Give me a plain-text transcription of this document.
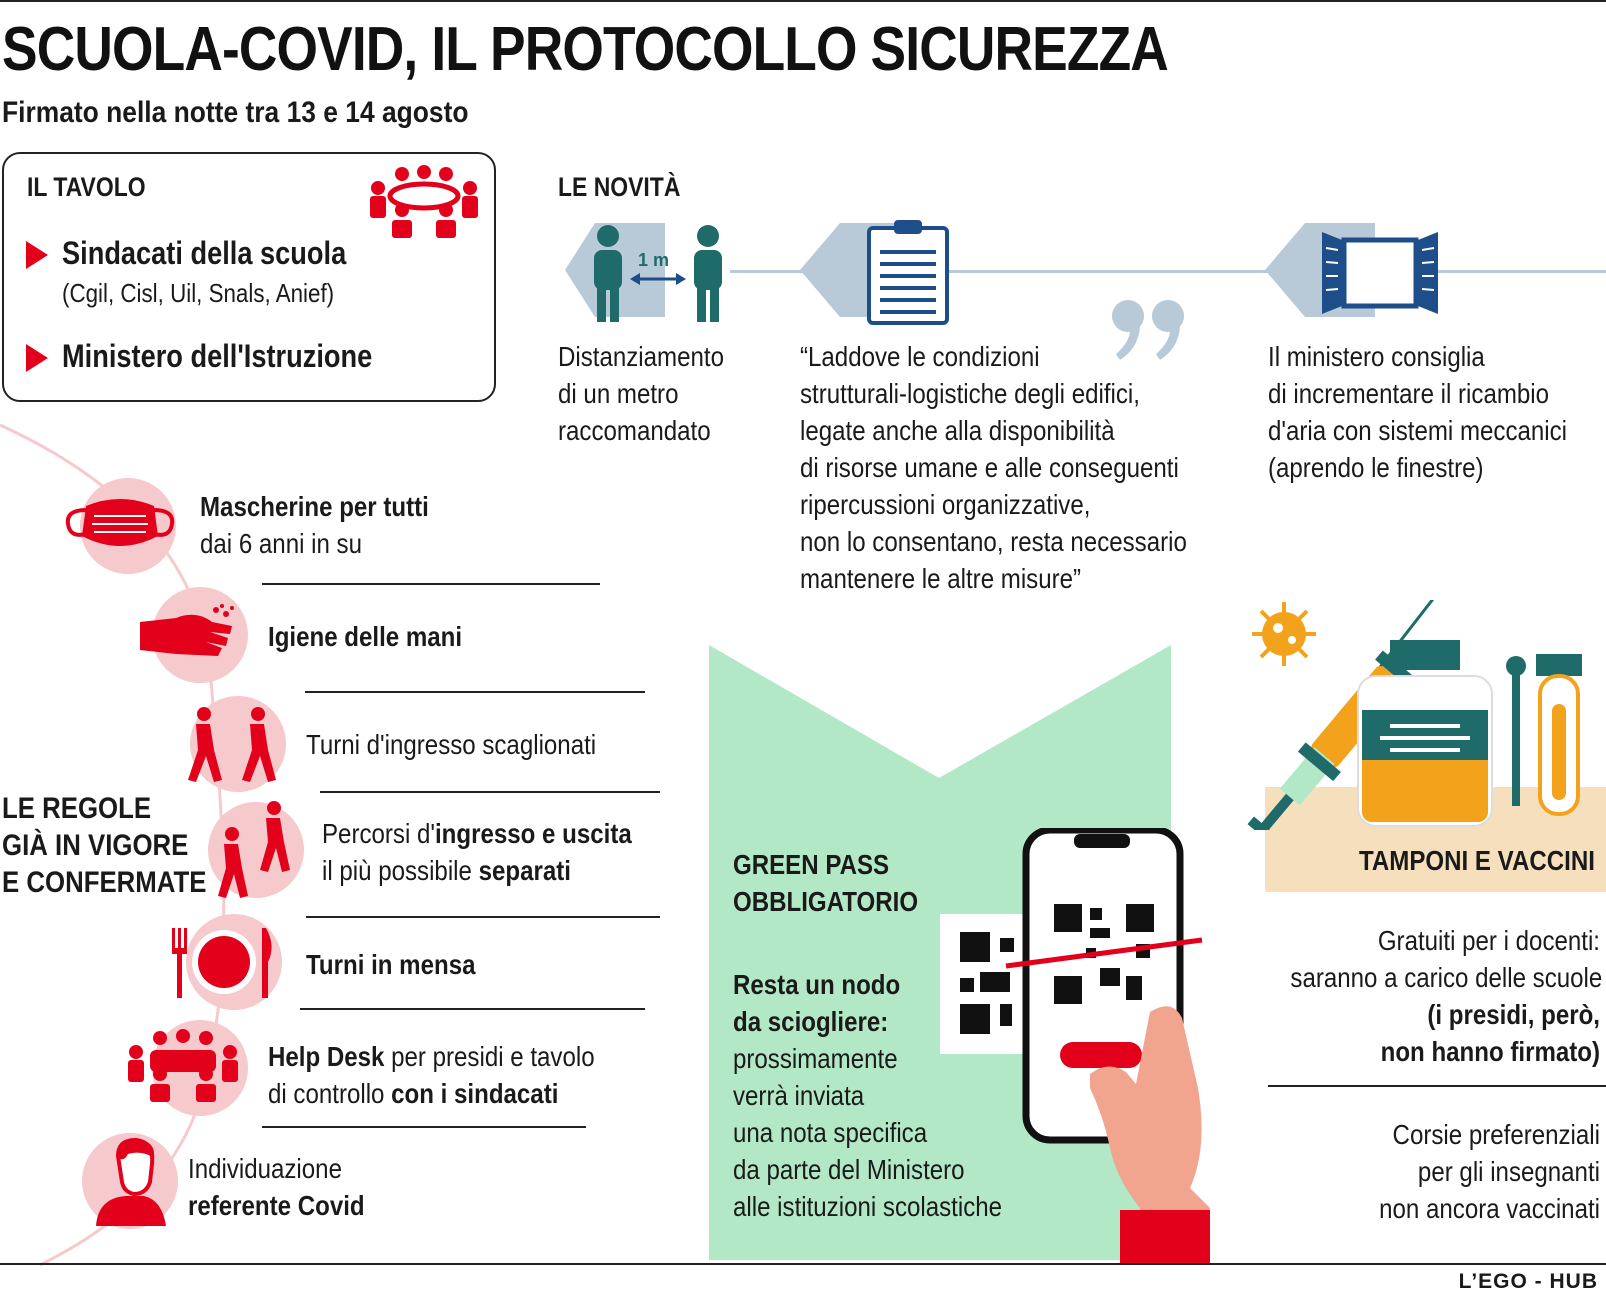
SCUOLA-COVID, IL PROTOCOLLO SICUREZZA
Firmato nella notte tra 13 e 14 agosto
IL TAVOLO
Sindacati della scuola
(Cgil, Cisl, Uil, Snals, Anief)
Ministero dell'Istruzione
LE NOVITÀ
1 m
Distanziamento
di un metro
raccomandato
“Laddove le condizioni
strutturali-logistiche degli edifici,
legate anche alla disponibilità
di risorse umane e alle conseguenti
ripercussioni organizzative,
non lo consentano, resta necessario
mantenere le altre misure”
Il ministero consiglia
di incrementare il ricambio
d'aria con sistemi meccanici
(aprendo le finestre)
LE REGOLE
GIÀ IN VIGORE
E CONFERMATE
Mascherine per tutti
dai 6 anni in su
Igiene delle mani
Turni d'ingresso scaglionati
Percorsi d'ingresso e uscita
il più possibile separati
Turni in mensa
Help Desk per presidi e tavolo
di controllo con i sindacati
Individuazione
referente Covid
GREEN PASS
OBBLIGATORIO
Resta un nodo
da sciogliere:
prossimamente
verrà inviata
una nota specifica
da parte del Ministero
alle istituzioni scolastiche
TAMPONI E VACCINI
Gratuiti per i docenti:
saranno a carico delle scuole
(i presidi, però,
non hanno firmato)
Corsie preferenziali
per gli insegnanti
non ancora vaccinati
L’EGO - HUB
